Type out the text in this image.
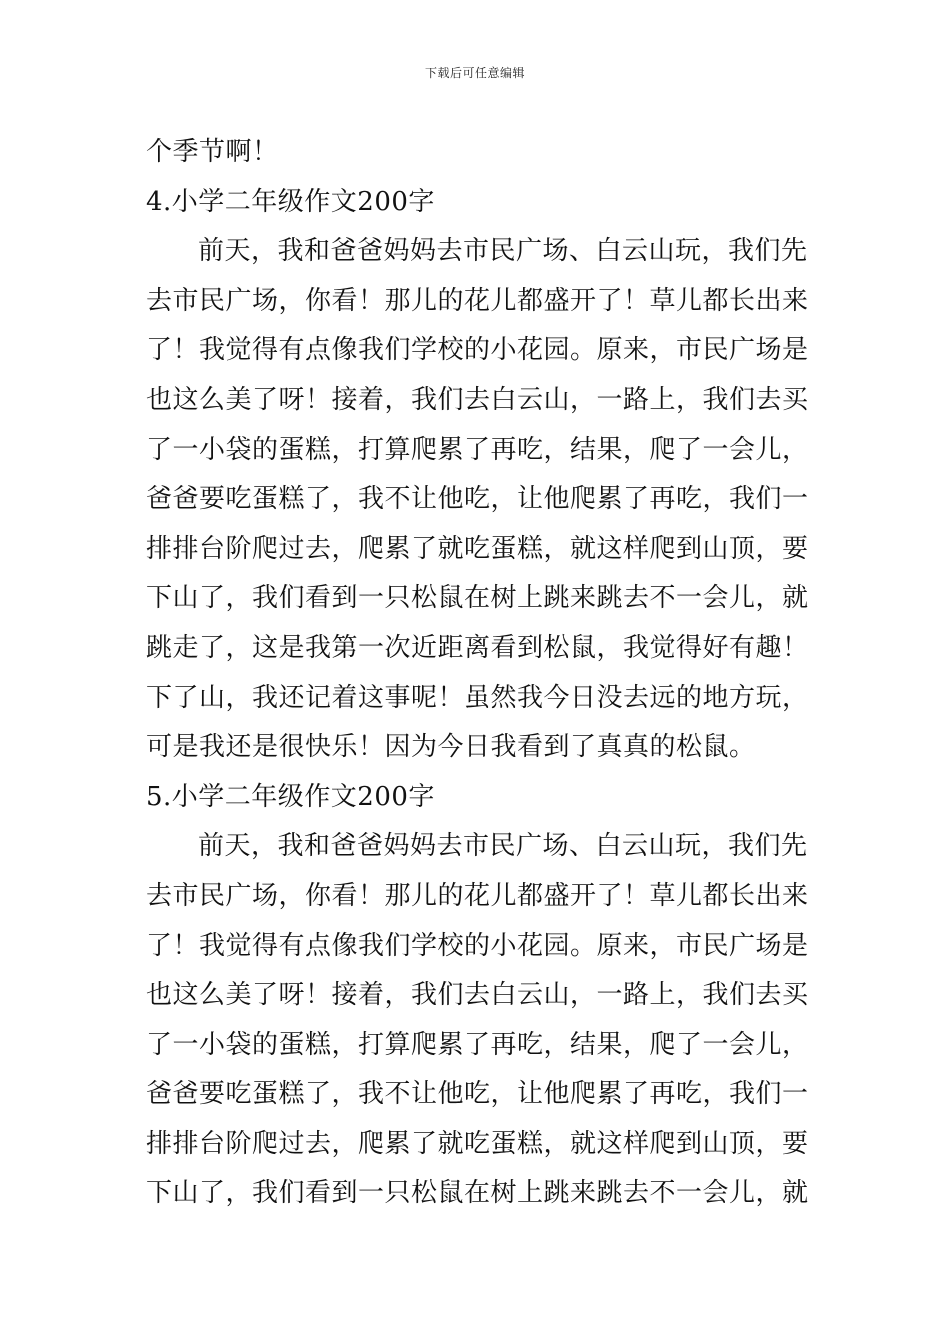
下载后可任意编辑
个季节啊！
4.小学二年级作文200字
前天，我和爸爸妈妈去市民广场、白云山玩，我们先
去市民广场，你看！那儿的花儿都盛开了！草儿都长出来
了！我觉得有点像我们学校的小花园。原来，市民广场是
也这么美了呀！接着，我们去白云山，一路上，我们去买
了一小袋的蛋糕，打算爬累了再吃，结果，爬了一会儿，
爸爸要吃蛋糕了，我不让他吃，让他爬累了再吃，我们一
排排台阶爬过去，爬累了就吃蛋糕，就这样爬到山顶，要
下山了，我们看到一只松鼠在树上跳来跳去不一会儿，就
跳走了，这是我第一次近距离看到松鼠，我觉得好有趣！
下了山，我还记着这事呢！虽然我今日没去远的地方玩，
可是我还是很快乐！因为今日我看到了真真的松鼠。
5.小学二年级作文200字
前天，我和爸爸妈妈去市民广场、白云山玩，我们先
去市民广场，你看！那儿的花儿都盛开了！草儿都长出来
了！我觉得有点像我们学校的小花园。原来，市民广场是
也这么美了呀！接着，我们去白云山，一路上，我们去买
了一小袋的蛋糕，打算爬累了再吃，结果，爬了一会儿，
爸爸要吃蛋糕了，我不让他吃，让他爬累了再吃，我们一
排排台阶爬过去，爬累了就吃蛋糕，就这样爬到山顶，要
下山了，我们看到一只松鼠在树上跳来跳去不一会儿，就
